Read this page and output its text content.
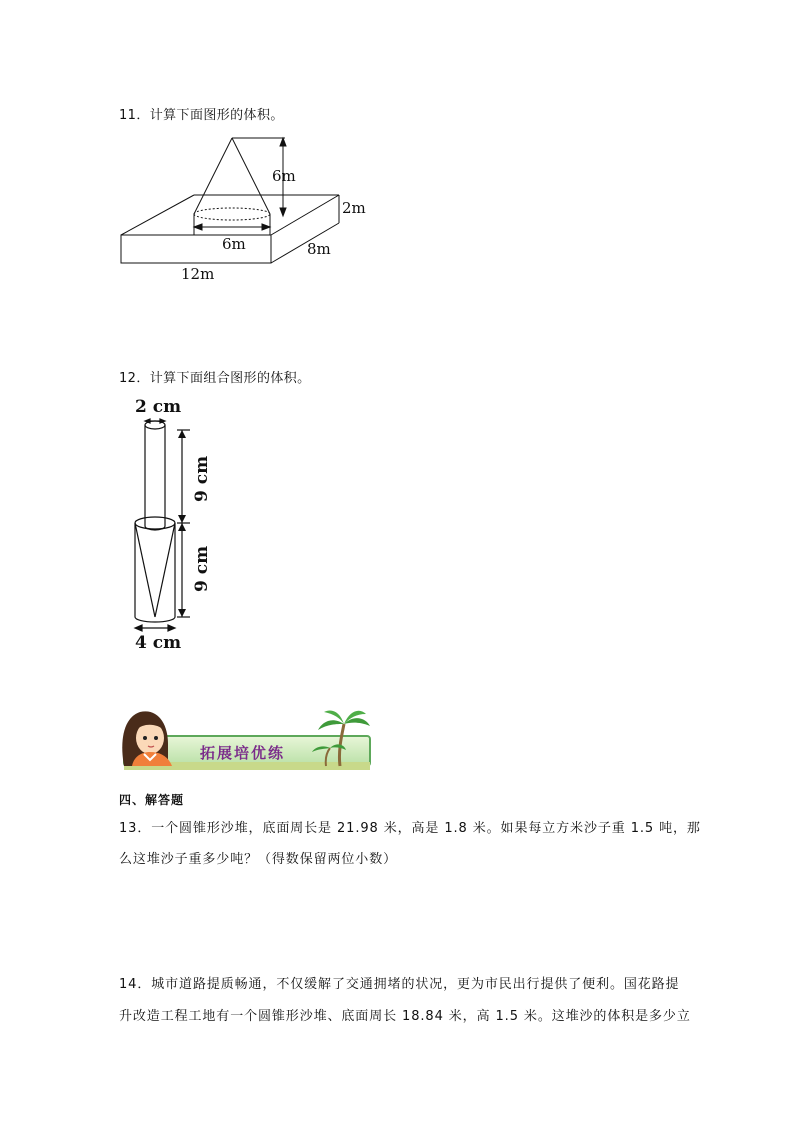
11．计算下面图形的体积。
6m
6m
2m
8m
12m
12．计算下面组合图形的体积。
2 cm
9 cm
9 cm
4 cm
拓展培优练
四、解答题
13．一个圆锥形沙堆，底面周长是 21.98 米，高是 1.8 米。如果每立方米沙子重 1.5 吨，那
么这堆沙子重多少吨？（得数保留两位小数）
14．城市道路提质畅通，不仅缓解了交通拥堵的状况，更为市民出行提供了便利。国花路提
升改造工程工地有一个圆锥形沙堆、底面周长 18.84 米，高 1.5 米。这堆沙的体积是多少立
